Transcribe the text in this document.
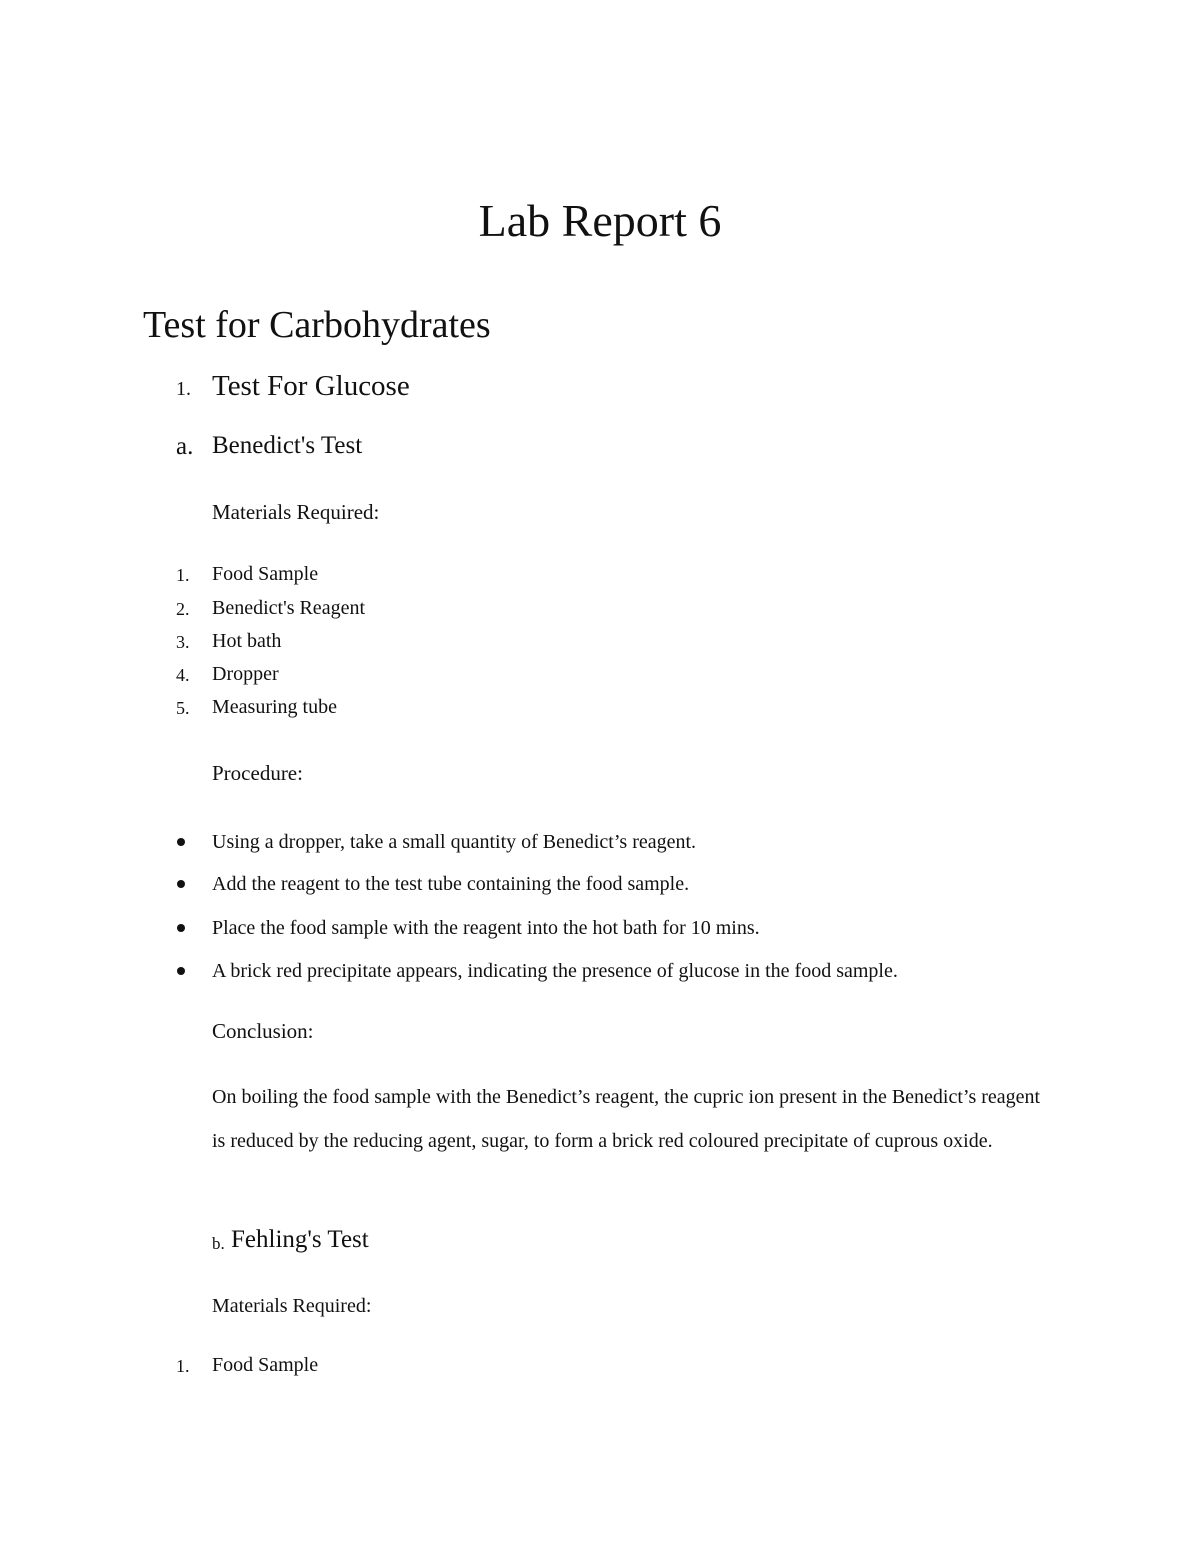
Lab Report 6
Test for Carbohydrates
1. Test For Glucose
a. Benedict's Test
Materials Required:
1. Food Sample
2. Benedict's Reagent
3. Hot bath
4. Dropper
5. Measuring tube
Procedure:
Using a dropper, take a small quantity of Benedict’s reagent.
Add the reagent to the test tube containing the food sample.
Place the food sample with the reagent into the hot bath for 10 mins.
A brick red precipitate appears, indicating the presence of glucose in the food sample.
Conclusion:
On boiling the food sample with the Benedict’s reagent, the cupric ion present in the Benedict’s reagent is reduced by the reducing agent, sugar, to form a brick red coloured precipitate of cuprous oxide.
b. Fehling's Test
Materials Required:
1. Food Sample
